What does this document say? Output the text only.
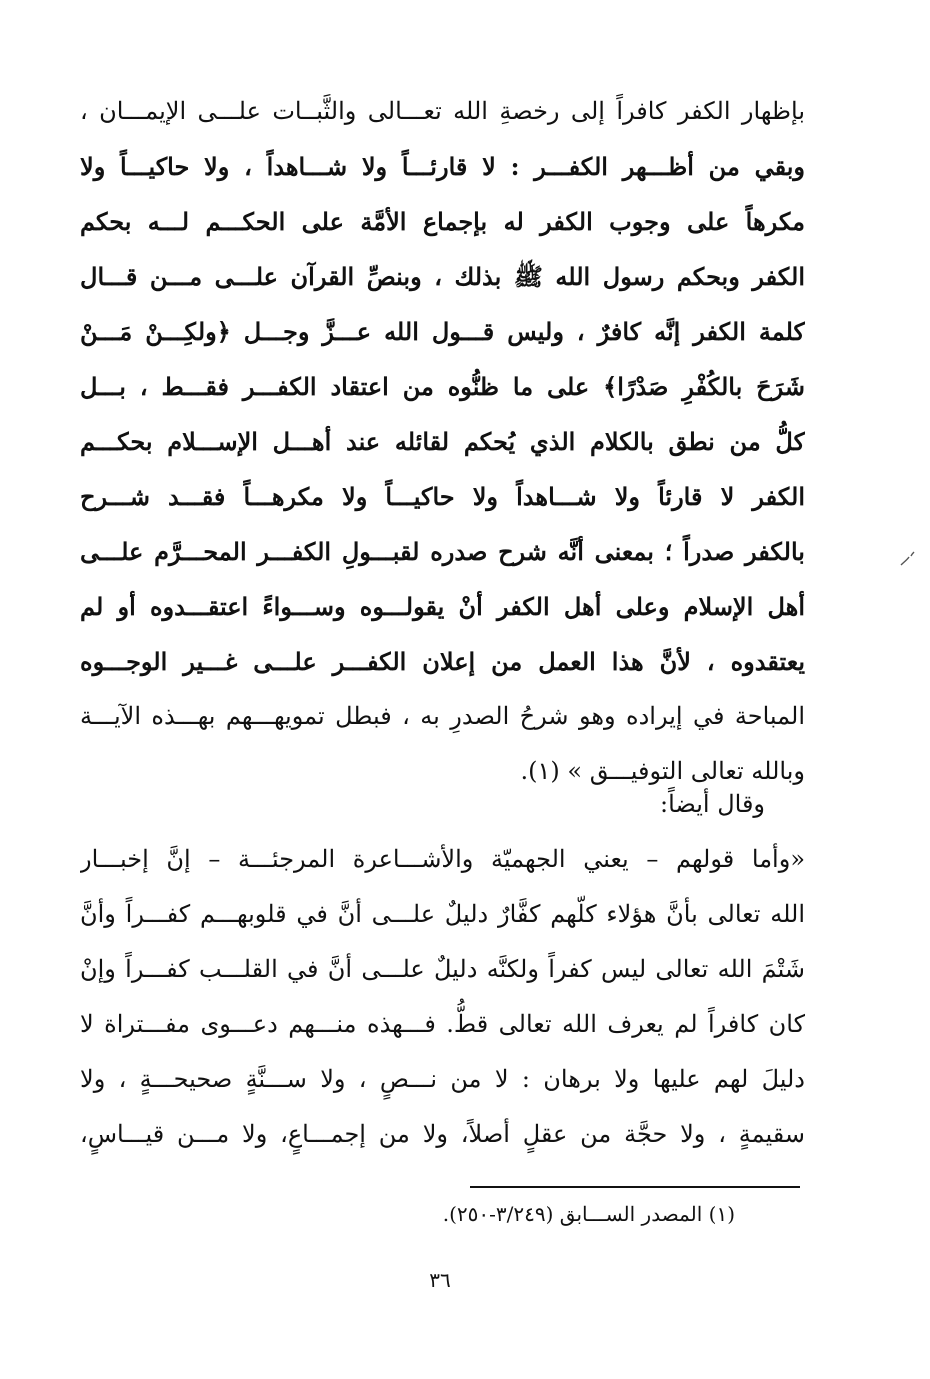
بإظهار الكفر كافراً إلى رخصةِ الله تعـــالى والثَّبــات علـــى الإيمـــان ،
وبقي من أظـــهر الكفـــر : لا قارئـــاً ولا شـــاهداً ، ولا حاكيـــاً ولا
مكرهاً على وجوب الكفر له بإجماع الأمَّة على الحكـــم لـــه بحكم
الكفر وبحكم رسول الله ﷺ بذلك ، وبنصِّ القرآن علـــى مـــن قـــال
كلمة الكفر إنَّه كافرٌ ، وليس قـــول الله عـــزَّ وجـــل ﴿ولكِـــنْ مَـــنْ
شَرَحَ بالكُفْرِ صَدْرًا﴾ على ما ظنُّوه من اعتقاد الكفـــر فقـــط ، بـــل
كلُّ من نطق بالكلام الذي يُحكم لقائله عند أهـــل الإســـلام بحكـــم
الكفر لا قارئاً ولا شـــاهداً ولا حاكيـــاً ولا مكرهـــاً فقـــد شـــرح
بالكفر صدراً ؛ بمعنى أنَّه شرح صدره لقبـــولِ الكفـــر المحـــرَّم علـــى
أهل الإسلام وعلى أهل الكفر أنْ يقولـــوه وســـواءً اعتقـــدوه أو لم
يعتقدوه ، لأنَّ هذا العمل من إعلان الكفـــر علـــى غـــير الوجـــوه
المباحة في إيراده وهو شرحُ الصدرِ به ، فبطل تمويهـــهم بهـــذه الآيـــة
وبالله تعالى التوفيـــق » (١).
وقال أيضاً:
«وأما قولهم – يعني الجهميّة والأشـــاعرة المرجئـــة – إنَّ إخبـــار
الله تعالى بأنَّ هؤلاء كلّهم كفَّارٌ دليلٌ علـــى أنَّ في قلوبهـــم كفـــراً وأنَّ
شَتْمَ الله تعالى ليس كفراً ولكنَّه دليلٌ علـــى أنَّ في القلـــب كفـــراً وإنْ
كان كافراً لم يعرف الله تعالى قطُّ. فـــهذه منـــهم دعـــوى مفـــتراة لا
دليلَ لهم عليها ولا برهان : لا من نـــصٍ ، ولا ســـنَّةٍ صحيحـــةٍ ، ولا
سقيمةٍ ، ولا حجَّة من عقلٍ أصلاً، ولا من إجمـــاعٍ، ولا مـــن قيـــاسٍ،
(١) المصدر الســـابق (٣/٢٤٩-٢٥٠).
٣٦
